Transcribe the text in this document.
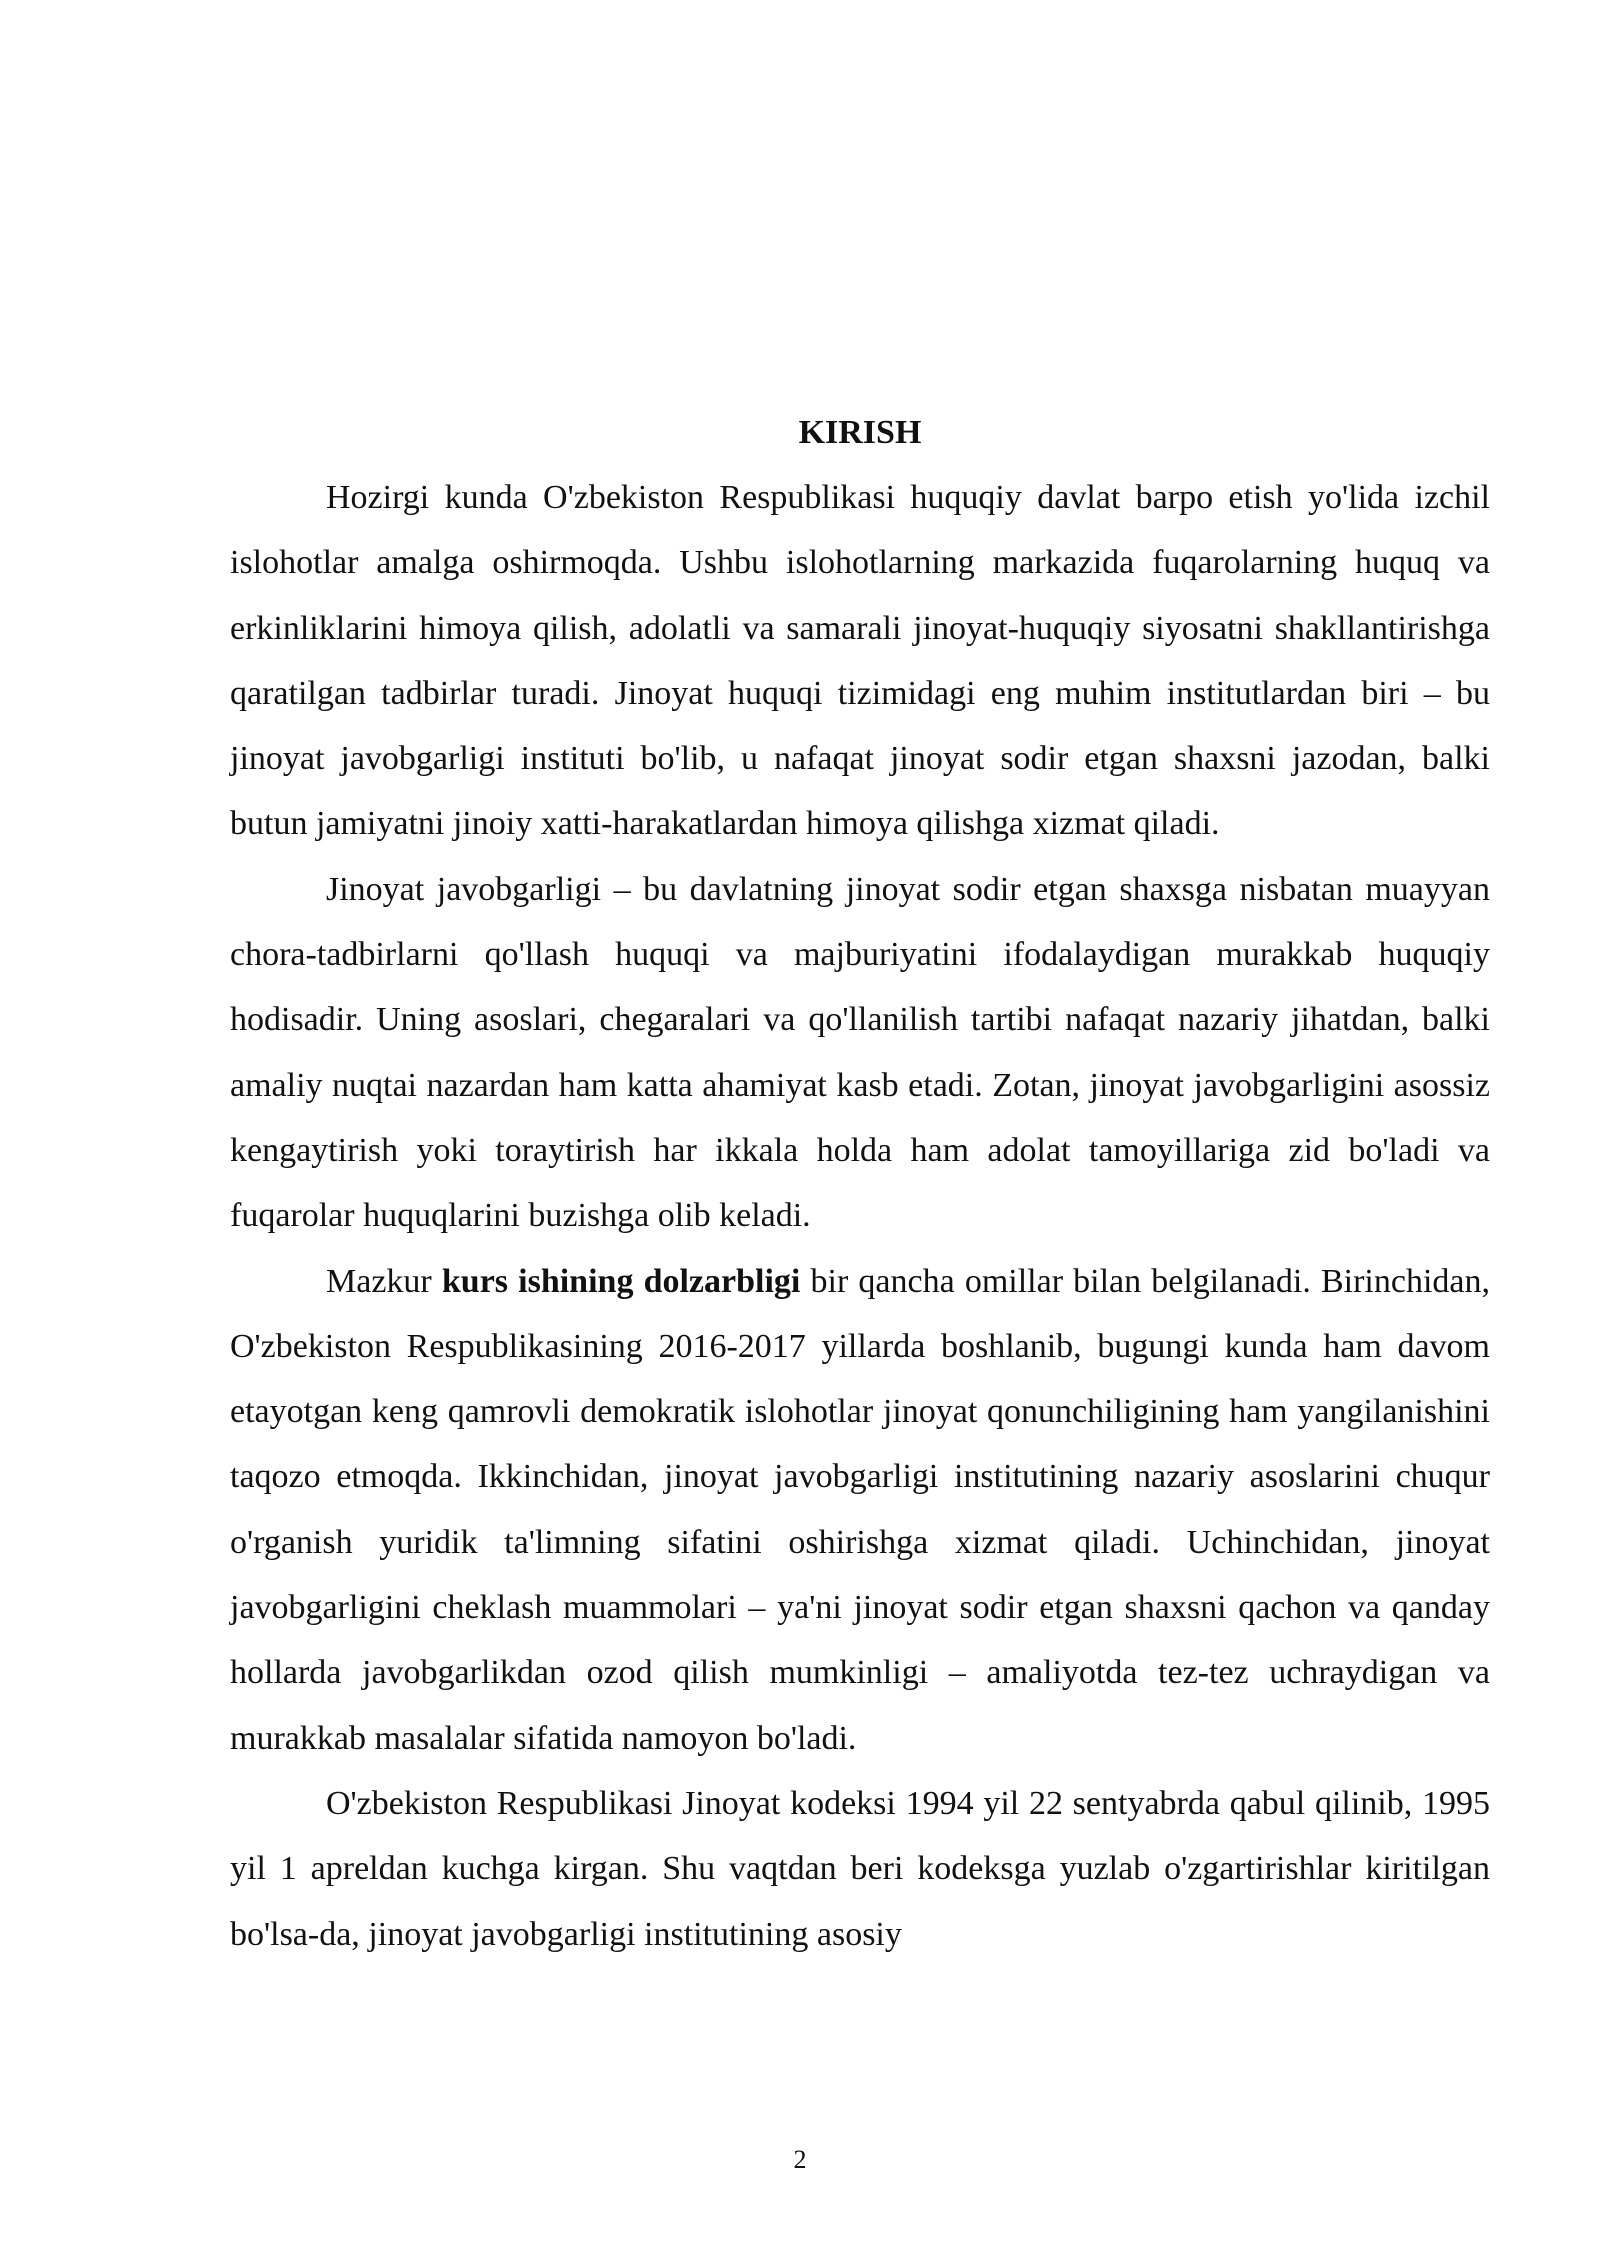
KIRISH

Hozirgi kunda O'zbekiston Respublikasi huquqiy davlat barpo etish yo'lida izchil islohotlar amalga oshirmoqda. Ushbu islohotlarning markazida fuqarolarning huquq va erkinliklarini himoya qilish, adolatli va samarali jinoyat-huquqiy siyosatni shakllantirishga qaratilgan tadbirlar turadi. Jinoyat huquqi tizimidagi eng muhim institutlardan biri – bu jinoyat javobgarligi instituti bo'lib, u nafaqat jinoyat sodir etgan shaxsni jazodan, balki butun jamiyatni jinoiy xatti-harakatlardan himoya qilishga xizmat qiladi.

Jinoyat javobgarligi – bu davlatning jinoyat sodir etgan shaxsga nisbatan muayyan chora-tadbirlarni qo'llash huquqi va majburiyatini ifodalaydigan murakkab huquqiy hodisadir. Uning asoslari, chegaralari va qo'llanilish tartibi nafaqat nazariy jihatdan, balki amaliy nuqtai nazardan ham katta ahamiyat kasb etadi. Zotan, jinoyat javobgarligini asossiz kengaytirish yoki toraytirish har ikkala holda ham adolat tamoyillariga zid bo'ladi va fuqarolar huquqlarini buzishga olib keladi.

Mazkur kurs ishining dolzarbligi bir qancha omillar bilan belgilanadi. Birinchidan, O'zbekiston Respublikasining 2016-2017 yillarda boshlanib, bugungi kunda ham davom etayotgan keng qamrovli demokratik islohotlar jinoyat qonunchiligining ham yangilanishini taqozo etmoqda. Ikkinchidan, jinoyat javobgarligi institutining nazariy asoslarini chuqur o'rganish yuridik ta'limning sifatini oshirishga xizmat qiladi. Uchinchidan, jinoyat javobgarligini cheklash muammolari – ya'ni jinoyat sodir etgan shaxsni qachon va qanday hollarda javobgarlikdan ozod qilish mumkinligi – amaliyotda tez-tez uchraydigan va murakkab masalalar sifatida namoyon bo'ladi.

O'zbekiston Respublikasi Jinoyat kodeksi 1994 yil 22 sentyabrda qabul qilinib, 1995 yil 1 apreldan kuchga kirgan. Shu vaqtdan beri kodeksga yuzlab o'zgartirishlar kiritilgan bo'lsa-da, jinoyat javobgarligi institutining asosiy

2
